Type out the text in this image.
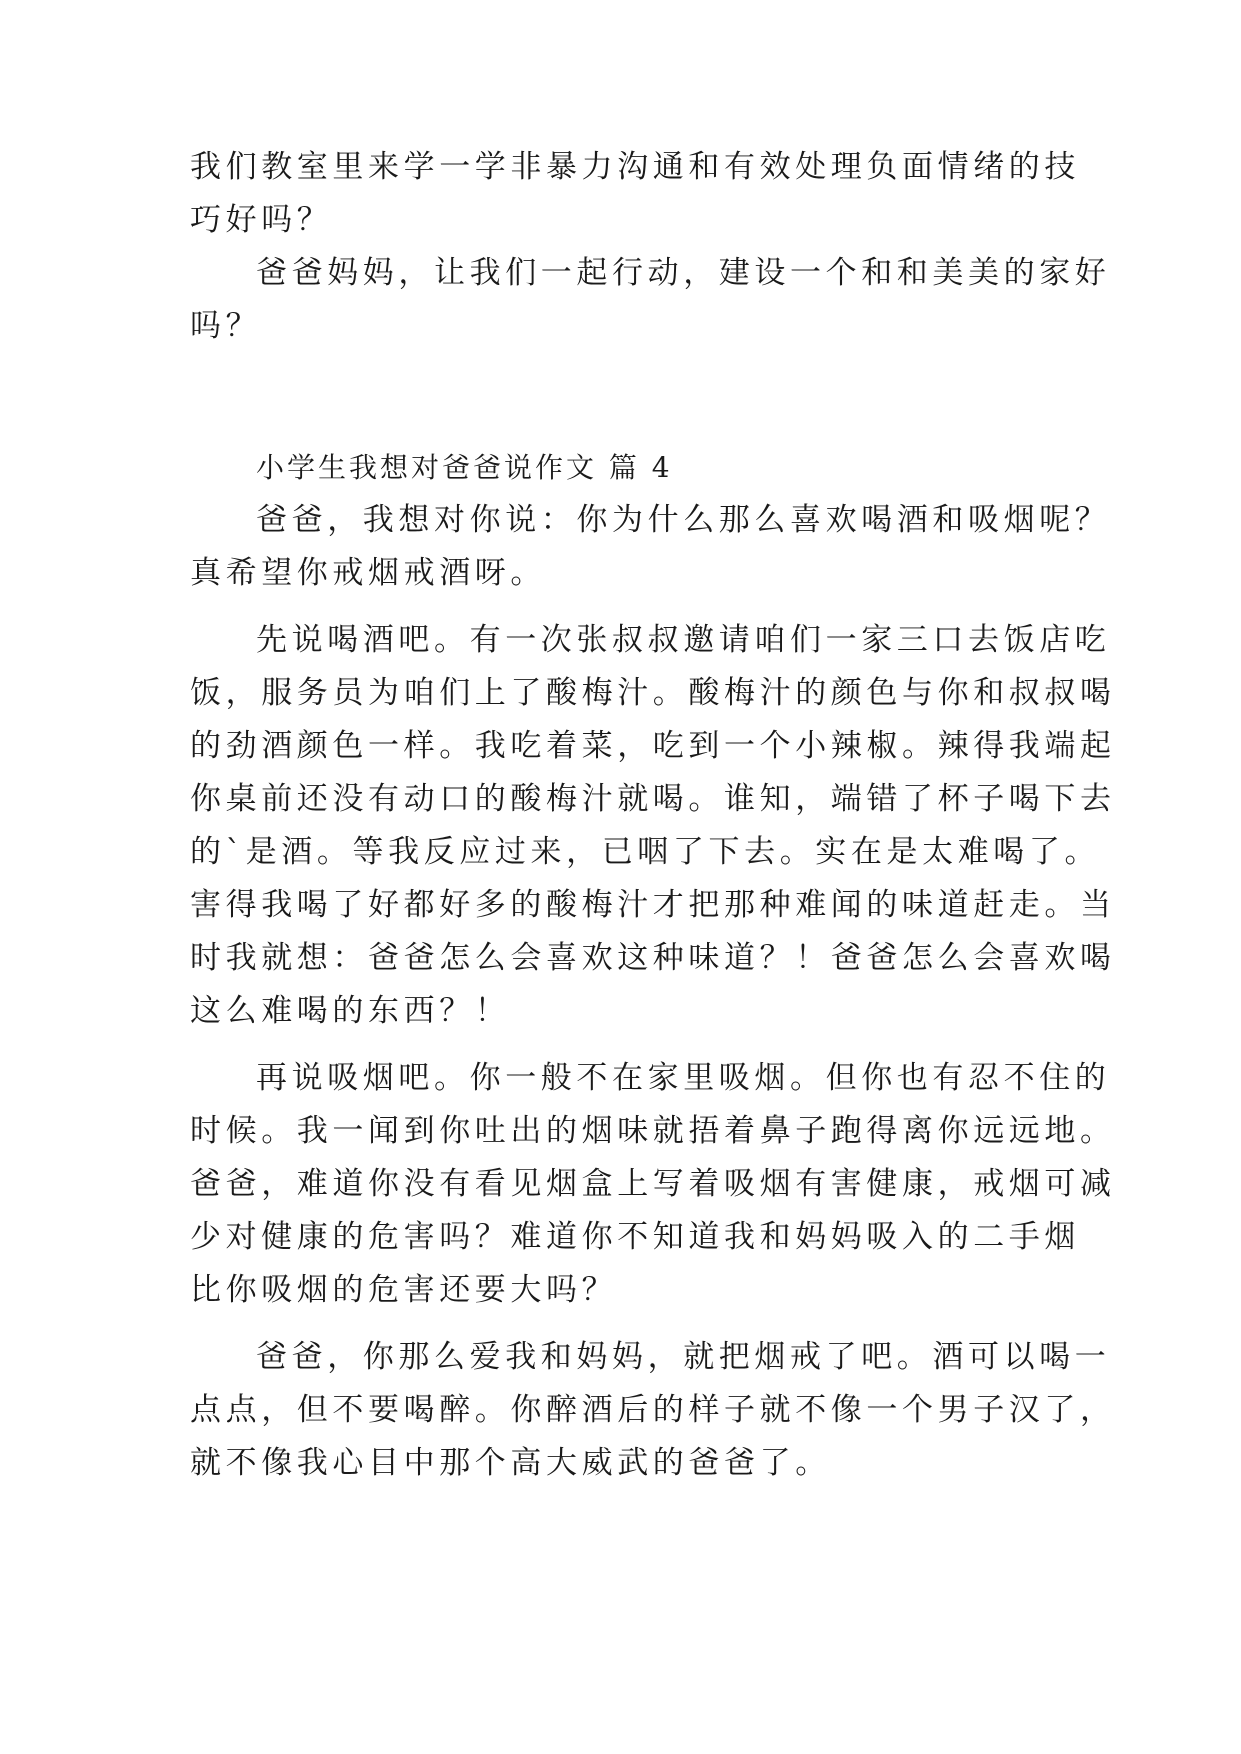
我们教室里来学一学非暴力沟通和有效处理负面情绪的技
巧好吗？
爸爸妈妈，让我们一起行动，建设一个和和美美的家好
吗？
小学生我想对爸爸说作文 篇 4
爸爸，我想对你说：你为什么那么喜欢喝酒和吸烟呢？
真希望你戒烟戒酒呀。
先说喝酒吧。有一次张叔叔邀请咱们一家三口去饭店吃
饭，服务员为咱们上了酸梅汁。酸梅汁的颜色与你和叔叔喝
的劲酒颜色一样。我吃着菜，吃到一个小辣椒。辣得我端起
你桌前还没有动口的酸梅汁就喝。谁知，端错了杯子喝下去
的`是酒。等我反应过来，已咽了下去。实在是太难喝了。
害得我喝了好都好多的酸梅汁才把那种难闻的味道赶走。当
时我就想：爸爸怎么会喜欢这种味道？！爸爸怎么会喜欢喝
这么难喝的东西？！
再说吸烟吧。你一般不在家里吸烟。但你也有忍不住的
时候。我一闻到你吐出的烟味就捂着鼻子跑得离你远远地。
爸爸，难道你没有看见烟盒上写着吸烟有害健康，戒烟可减
少对健康的危害吗？难道你不知道我和妈妈吸入的二手烟
比你吸烟的危害还要大吗？
爸爸，你那么爱我和妈妈，就把烟戒了吧。酒可以喝一
点点，但不要喝醉。你醉酒后的样子就不像一个男子汉了，
就不像我心目中那个高大威武的爸爸了。
